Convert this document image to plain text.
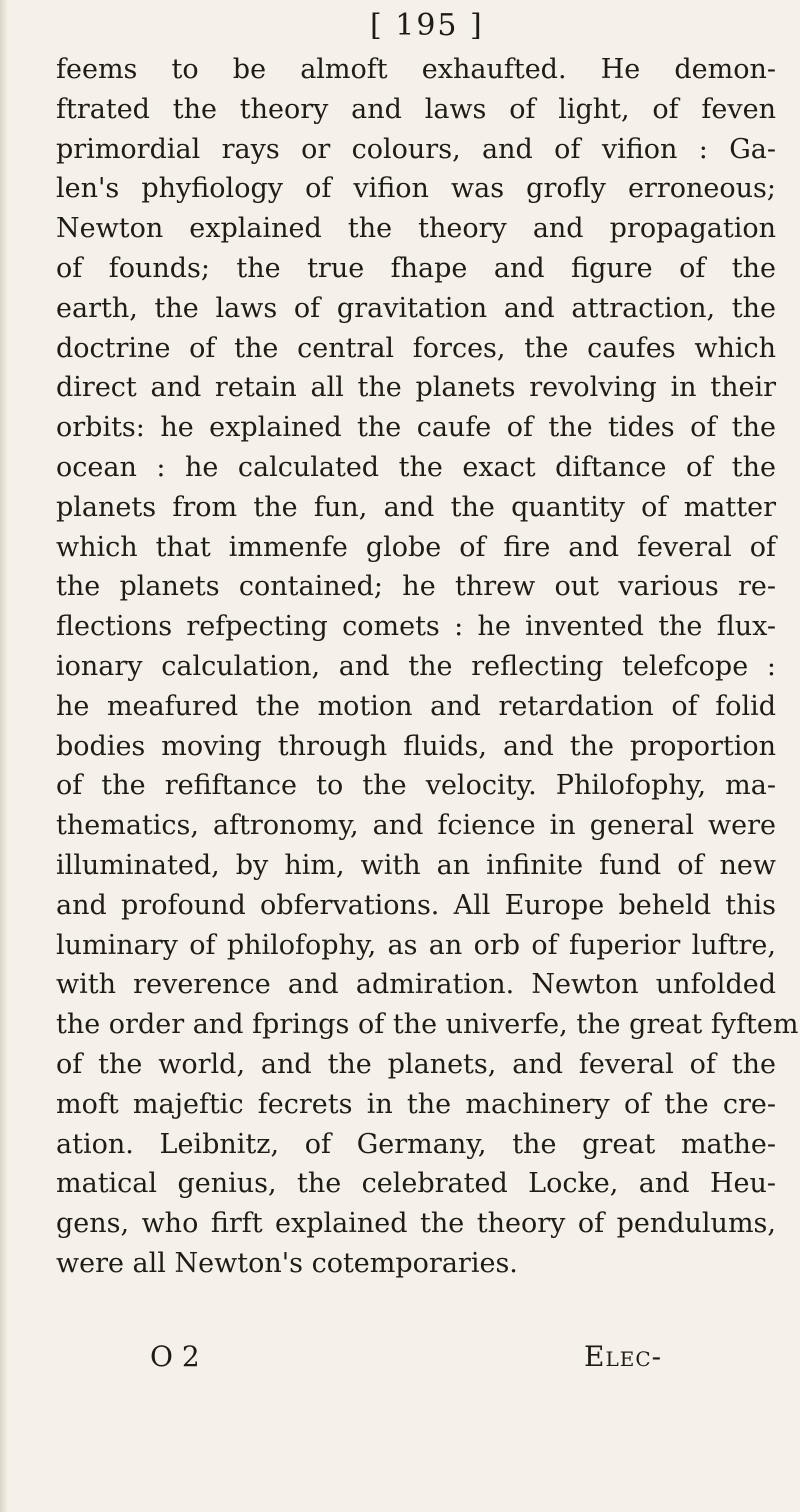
[ 195 ]
feems to be almoft exhaufted. He demon-
ftrated the theory and laws of light, of feven
primordial rays or colours, and of vifion : Ga-
len's phyfiology of vifion was grofly erroneous;
Newton explained the theory and propagation
of founds; the true fhape and figure of the
earth, the laws of gravitation and attraction, the
doctrine of the central forces, the caufes which
direct and retain all the planets revolving in their
orbits: he explained the caufe of the tides of the
ocean : he calculated the exact diftance of the
planets from the fun, and the quantity of matter
which that immenfe globe of fire and feveral of
the planets contained; he threw out various re-
flections refpecting comets : he invented the flux-
ionary calculation, and the reflecting telefcope :
he meafured the motion and retardation of folid
bodies moving through fluids, and the proportion
of the refiftance to the velocity. Philofophy, ma-
thematics, aftronomy, and fcience in general were
illuminated, by him, with an infinite fund of new
and profound obfervations. All Europe beheld this
luminary of philofophy, as an orb of fuperior luftre,
with reverence and admiration. Newton unfolded
the order and fprings of the univerfe, the great fyftem
of the world, and the planets, and feveral of the
moft majeftic fecrets in the machinery of the cre-
ation. Leibnitz, of Germany, the great mathe-
matical genius, the celebrated Locke, and Heu-
gens, who firft explained the theory of pendulums,
were all Newton's cotemporaries.
O 2	Elec-
